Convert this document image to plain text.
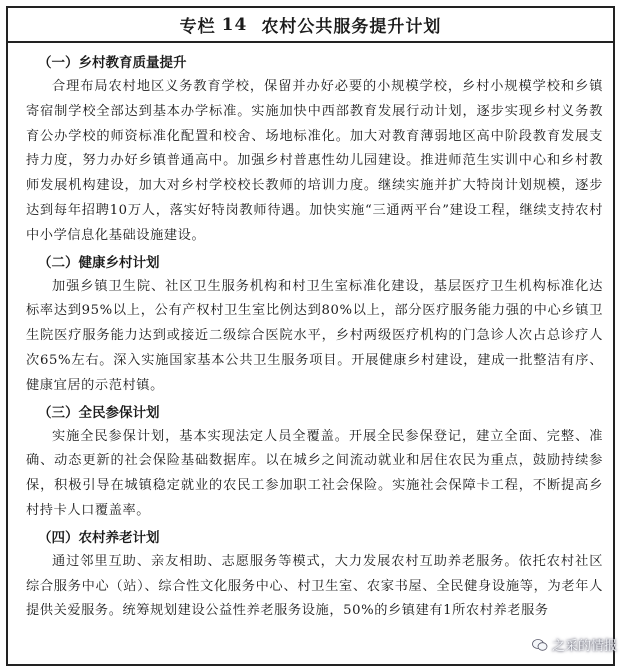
专栏 14 农村公共服务提升计划
（一）乡村教育质量提升

合理布局农村地区义务教育学校，保留并办好必要的小规模学校，乡村小规模学校和乡镇寄宿制学校全部达到基本办学标准。实施加快中西部教育发展行动计划，逐步实现乡村义务教育公办学校的师资标准化配置和校舍、场地标准化。加大对教育薄弱地区高中阶段教育发展支持力度，努力办好乡镇普通高中。加强乡村普惠性幼儿园建设。推进师范生实训中心和乡村教师发展机构建设，加大对乡村学校校长教师的培训力度。继续实施并扩大特岗计划规模，逐步达到每年招聘10万人，落实好特岗教师待遇。加快实施“三通两平台”建设工程，继续支持农村中小学信息化基础设施建设。

（二）健康乡村计划

加强乡镇卫生院、社区卫生服务机构和村卫生室标准化建设，基层医疗卫生机构标准化达标率达到95%以上，公有产权村卫生室比例达到80%以上，部分医疗服务能力强的中心乡镇卫生院医疗服务能力达到或接近二级综合医院水平，乡村两级医疗机构的门急诊人次占总诊疗人次65%左右。深入实施国家基本公共卫生服务项目。开展健康乡村建设，建成一批整洁有序、健康宜居的示范村镇。

（三）全民参保计划

实施全民参保计划，基本实现法定人员全覆盖。开展全民参保登记，建立全面、完整、准确、动态更新的社会保险基础数据库。以在城乡之间流动就业和居住农民为重点，鼓励持续参保，积极引导在城镇稳定就业的农民工参加职工社会保险。实施社会保障卡工程，不断提高乡村持卡人口覆盖率。

（四）农村养老计划

通过邻里互助、亲友相助、志愿服务等模式，大力发展农村互助养老服务。依托农村社区综合服务中心（站）、综合性文化服务中心、村卫生室、农家书屋、全民健身设施等，为老年人提供关爱服务。统筹规划建设公益性养老服务设施，50%的乡镇建有1所农村养老服务

之采的情报
